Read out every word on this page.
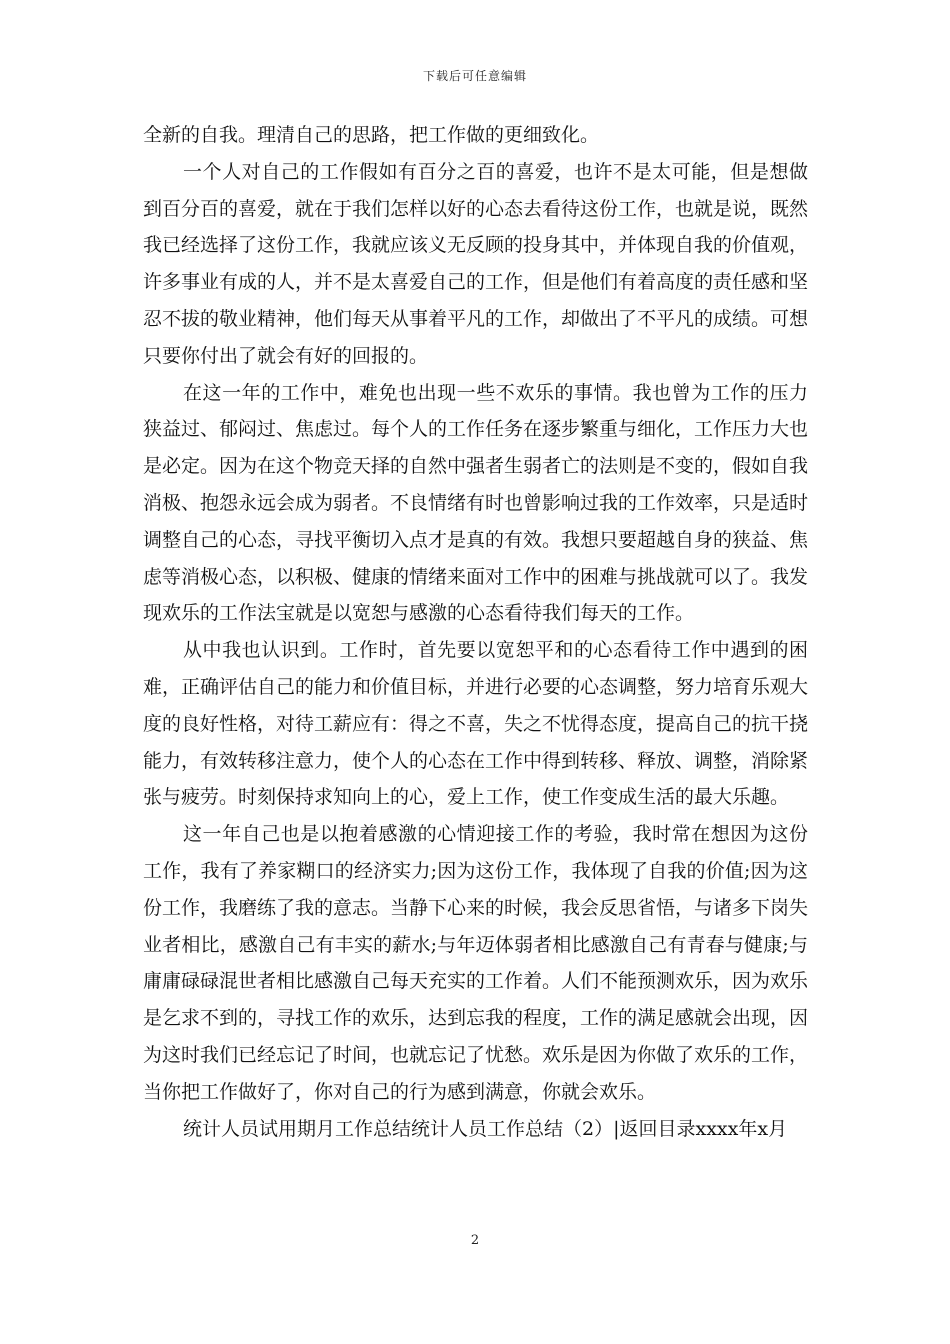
下载后可任意编辑

全新的自我。理清自己的思路，把工作做的更细致化。

一个人对自己的工作假如有百分之百的喜爱，也许不是太可能，但是想做到百分百的喜爱，就在于我们怎样以好的心态去看待这份工作，也就是说，既然我已经选择了这份工作，我就应该义无反顾的投身其中，并体现自我的价值观，许多事业有成的人，并不是太喜爱自己的工作，但是他们有着高度的责任感和坚忍不拔的敬业精神，他们每天从事着平凡的工作，却做出了不平凡的成绩。可想只要你付出了就会有好的回报的。

在这一年的工作中，难免也出现一些不欢乐的事情。我也曾为工作的压力狭益过、郁闷过、焦虑过。每个人的工作任务在逐步繁重与细化，工作压力大也是必定。因为在这个物竞天择的自然中强者生弱者亡的法则是不变的，假如自我消极、抱怨永远会成为弱者。不良情绪有时也曾影响过我的工作效率，只是适时调整自己的心态，寻找平衡切入点才是真的有效。我想只要超越自身的狭益、焦虑等消极心态，以积极、健康的情绪来面对工作中的困难与挑战就可以了。我发现欢乐的工作法宝就是以宽恕与感激的心态看待我们每天的工作。

从中我也认识到。工作时，首先要以宽恕平和的心态看待工作中遇到的困难，正确评估自己的能力和价值目标，并进行必要的心态调整，努力培育乐观大度的良好性格，对待工薪应有：得之不喜，失之不忧得态度，提高自己的抗干挠能力，有效转移注意力，使个人的心态在工作中得到转移、释放、调整，消除紧张与疲劳。时刻保持求知向上的心，爱上工作，使工作变成生活的最大乐趣。

这一年自己也是以抱着感激的心情迎接工作的考验，我时常在想因为这份工作，我有了养家糊口的经济实力;因为这份工作，我体现了自我的价值;因为这份工作，我磨练了我的意志。当静下心来的时候，我会反思省悟，与诸多下岗失业者相比，感激自己有丰实的薪水;与年迈体弱者相比感激自己有青春与健康;与庸庸碌碌混世者相比感激自己每天充实的工作着。人们不能预测欢乐，因为欢乐是乞求不到的，寻找工作的欢乐，达到忘我的程度，工作的满足感就会出现，因为这时我们已经忘记了时间，也就忘记了忧愁。欢乐是因为你做了欢乐的工作，当你把工作做好了，你对自己的行为感到满意，你就会欢乐。

统计人员试用期月工作总结统计人员工作总结（2）|返回目录xxxx年x月

2
